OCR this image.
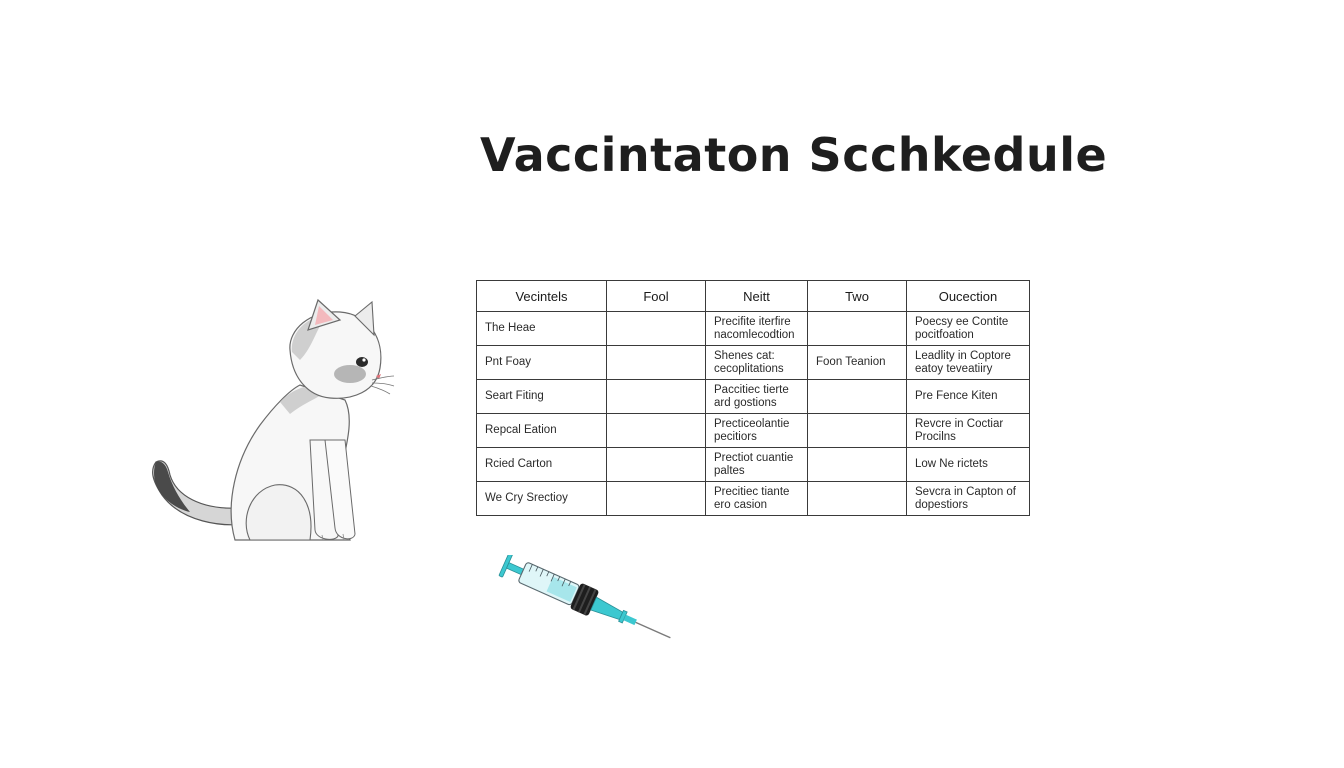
Vaccintaton Scchkedule
Vecintels	Fool	Neitt	Two	Oucection
The Heae		Precifite iterfire nacomlecodtion		Poecsy ee Contite pocitfoation
Pnt Foay		Shenes cat: cecoplitations	Foon Teanion	Leadlity in Coptore eatoy teveatiiry
Seart Fiting		Paccitiec tierte ard gostions		Pre Fence Kiten
Repcal Eation		Precticeolantie pecitiors		Revcre in Coctiar Procilns
Rcied Carton		Prectiot cuantie paltes		Low Ne rictets
We Cry Srectioy		Precitiec tiante ero casion		Sevcra in Capton of dopestiors
